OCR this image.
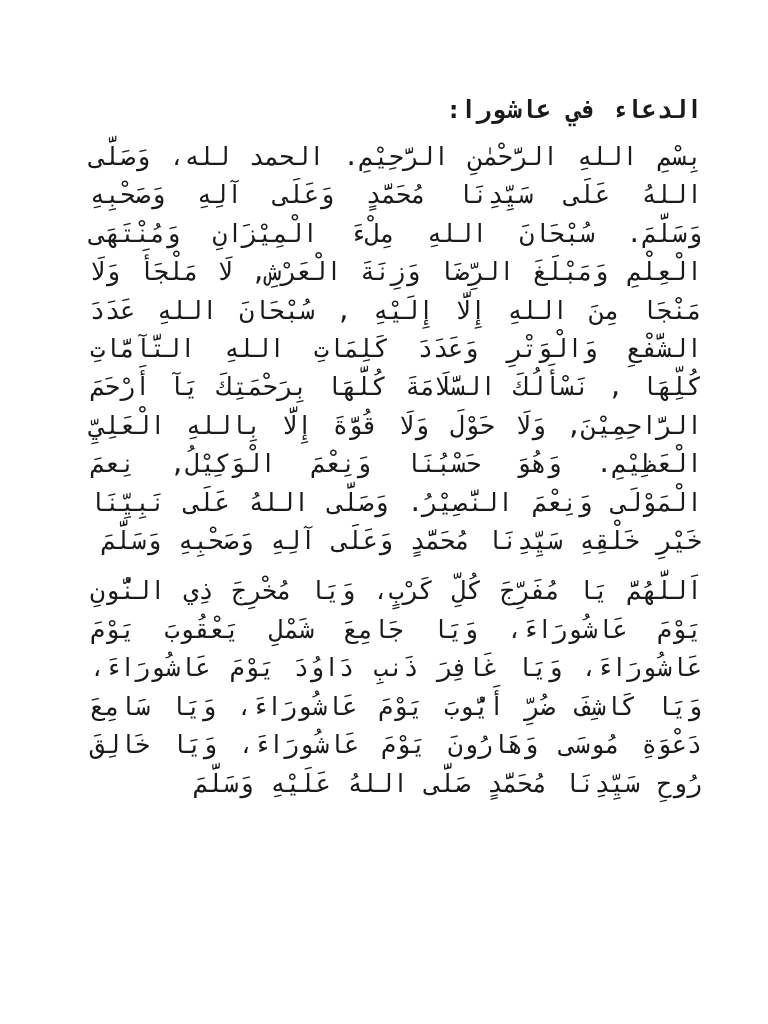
الدعاء في عاشورا:

بِسْمِ اللهِ الرَّحْمٰنِ الرَّحِيْمِ. الحمد لله، وَصَلَّى اللهُ عَلَى سَيِّدِنَا مُحَمَّدٍ وَعَلَى آلِهِ وَصَحْبِهِ وَسَلَّمَ. سُبْحَانَ اللهِ مِلْءَ الْمِيْزَانِ وَمُنْتَهَى الْعِلْمِ وَمَبْلَغَ الرِّضَا وَزِنَةَ الْعَرْشِ, لَا مَلْجَأَ وَلَا مَنْجَا مِنَ اللهِ إِلَّا إِلَيْهِ , سُبْحَانَ اللهِ عَدَدَ الشَّفْعِ وَالْوَتْرِ وَعَدَدَ كَلِمَاتِ اللهِ التَّآمَّاتِ كُلِّهَا , نَسْأَلُكَ السَّلَامَةَ كُلَّهَا بِرَحْمَتِكَ يَآ أَرْحَمَ الرَّاحِمِيْنَ, وَلَا حَوْلَ وَلَا قُوَّةَ إِلَّا بِاللهِ الْعَلِيِّ الْعَظِيْمِ. وَهُوَ حَسْبُنَا وَنِعْمَ الْوَكِيْلُ, نِعمَ الْمَوْلَى وَنِعْمَ النَّصِيْرُ. وَصَلَّى اللهُ عَلَى نَبِيِّنَا خَيْرِ خَلْقِهِ سَيِّدِنَا مُحَمَّدٍ وَعَلَى آلِهِ وَصَحْبِهِ وَسَلَّمَ

اَللَّهُمَّ يَا مُفَرِّجَ كُلِّ كَرْبٍ، وَيَا مُخْرِجَ ذِي النُّونِ يَوْمَ عَاشُورَاءَ، وَيَا جَامِعَ شَمْلِ يَعْقُوبَ يَوْمَ عَاشُورَاءَ، وَيَا غَافِرَ ذَنبِ دَاوُدَ يَوْمَ عَاشُورَاءَ، وَيَا كَاشِفَ ضُرِّ أَيُّوبَ يَوْمَ عَاشُورَاءَ، وَيَا سَامِعَ دَعْوَةِ مُوسَى وَهَارُونَ يَوْمَ عَاشُورَاءَ، وَيَا خَالِقَ رُوحِ سَيِّدِنَا مُحَمَّدٍ صَلَّى اللهُ عَلَيْهِ وَسَلَّمَ
